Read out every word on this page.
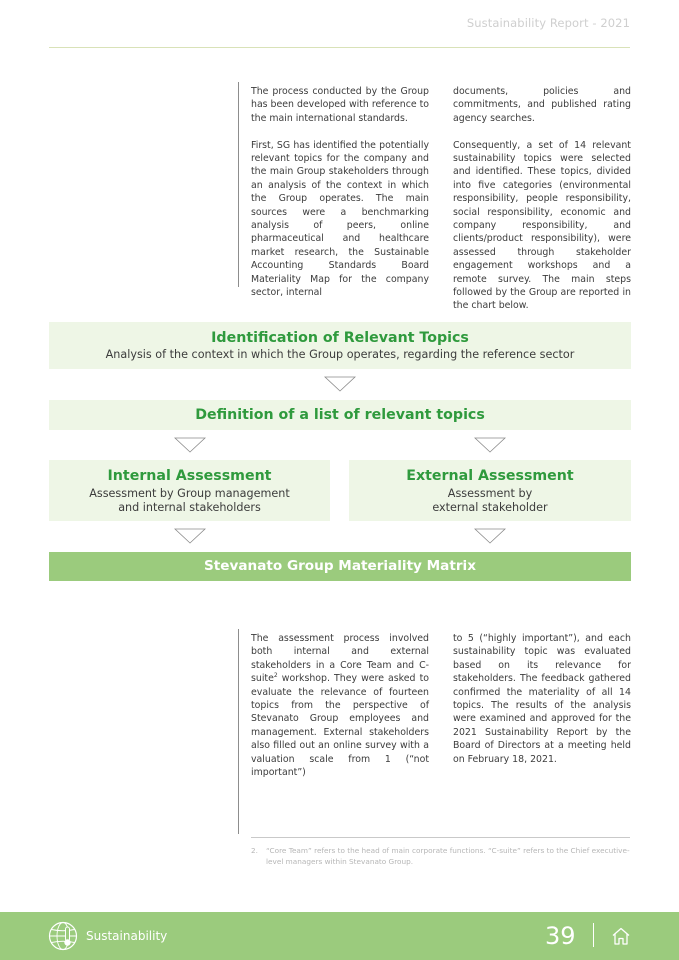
Sustainability Report - 2021

The process conducted by the Group has been developed with reference to the main international standards.

First, SG has identified the potentially relevant topics for the company and the main Group stakeholders through an analysis of the context in which the Group operates. The main sources were a benchmarking analysis of peers, online pharmaceutical and healthcare market research, the Sustainable Accounting Standards Board Materiality Map for the company sector, internal

documents, policies and commitments, and published rating agency searches.

Consequently, a set of 14 relevant sustainability topics were selected and identified. These topics, divided into five categories (environmental responsibility, people responsibility, social responsibility, economic and company responsibility, and clients/product responsibility), were assessed through stakeholder engagement workshops and a remote survey. The main steps followed by the Group are reported in the chart below.

Identification of Relevant Topics
Analysis of the context in which the Group operates, regarding the reference sector
Definition of a list of relevant topics
Internal Assessment
Assessment by Group management
and internal stakeholders
External Assessment
Assessment by
external stakeholder
Stevanato Group Materiality Matrix

The assessment process involved both internal and external stakeholders in a Core Team and C-suite$^2$ workshop. They were asked to evaluate the relevance of fourteen topics from the perspective of Stevanato Group employees and management. External stakeholders also filled out an online survey with a valuation scale from 1 (“not important”)

to 5 (“highly important”), and each sustainability topic was evaluated based on its relevance for stakeholders. The feedback gathered confirmed the materiality of all 14 topics. The results of the analysis were examined and approved for the 2021 Sustainability Report by the Board of Directors at a meeting held on February 18, 2021.

2.	“Core Team” refers to the head of main corporate functions. “C-suite” refers to the Chief executive-level managers within Stevanato Group.
Sustainability	39
